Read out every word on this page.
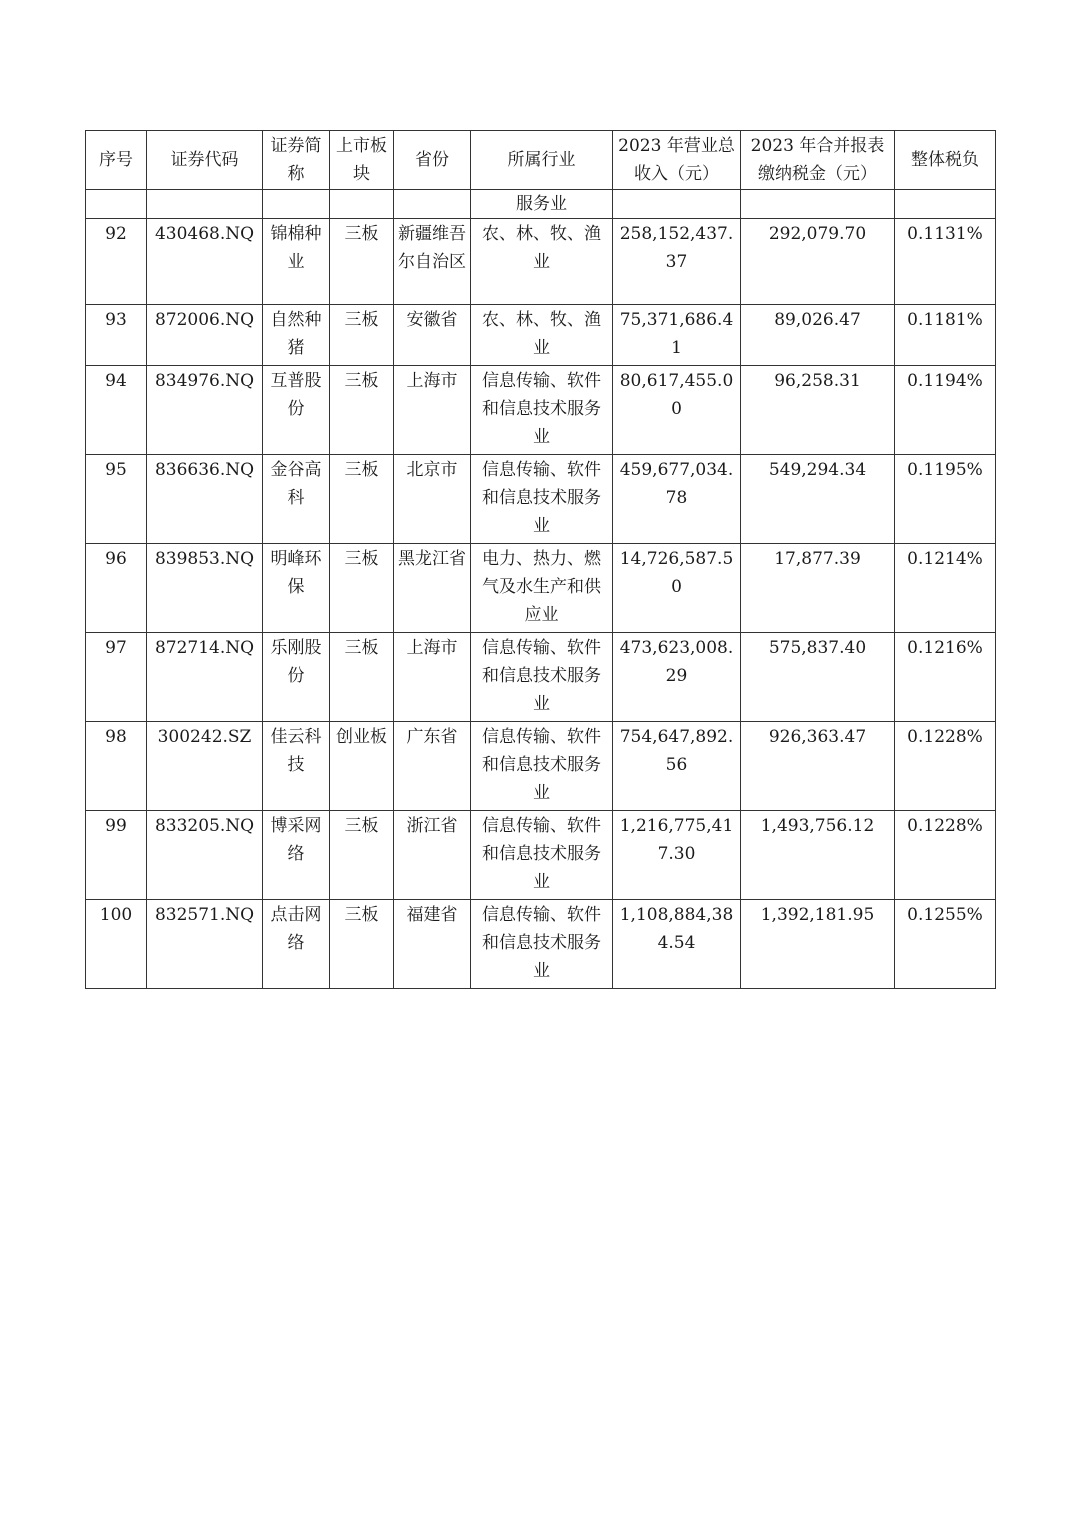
序号	证券代码	证券简称	上市板块	省份	所属行业	2023 年营业总收入（元）	2023 年合并报表缴纳税金（元）	整体税负
					服务业			
92	430468.NQ	锦棉种业	三板	新疆维吾尔自治区	农、林、牧、渔业	258,152,437.37	292,079.70	0.1131%
93	872006.NQ	自然种猪	三板	安徽省	农、林、牧、渔业	75,371,686.41	89,026.47	0.1181%
94	834976.NQ	互普股份	三板	上海市	信息传输、软件和信息技术服务业	80,617,455.00	96,258.31	0.1194%
95	836636.NQ	金谷高科	三板	北京市	信息传输、软件和信息技术服务业	459,677,034.78	549,294.34	0.1195%
96	839853.NQ	明峰环保	三板	黑龙江省	电力、热力、燃气及水生产和供应业	14,726,587.50	17,877.39	0.1214%
97	872714.NQ	乐刚股份	三板	上海市	信息传输、软件和信息技术服务业	473,623,008.29	575,837.40	0.1216%
98	300242.SZ	佳云科技	创业板	广东省	信息传输、软件和信息技术服务业	754,647,892.56	926,363.47	0.1228%
99	833205.NQ	博采网络	三板	浙江省	信息传输、软件和信息技术服务业	1,216,775,417.30	1,493,756.12	0.1228%
100	832571.NQ	点击网络	三板	福建省	信息传输、软件和信息技术服务业	1,108,884,384.54	1,392,181.95	0.1255%
